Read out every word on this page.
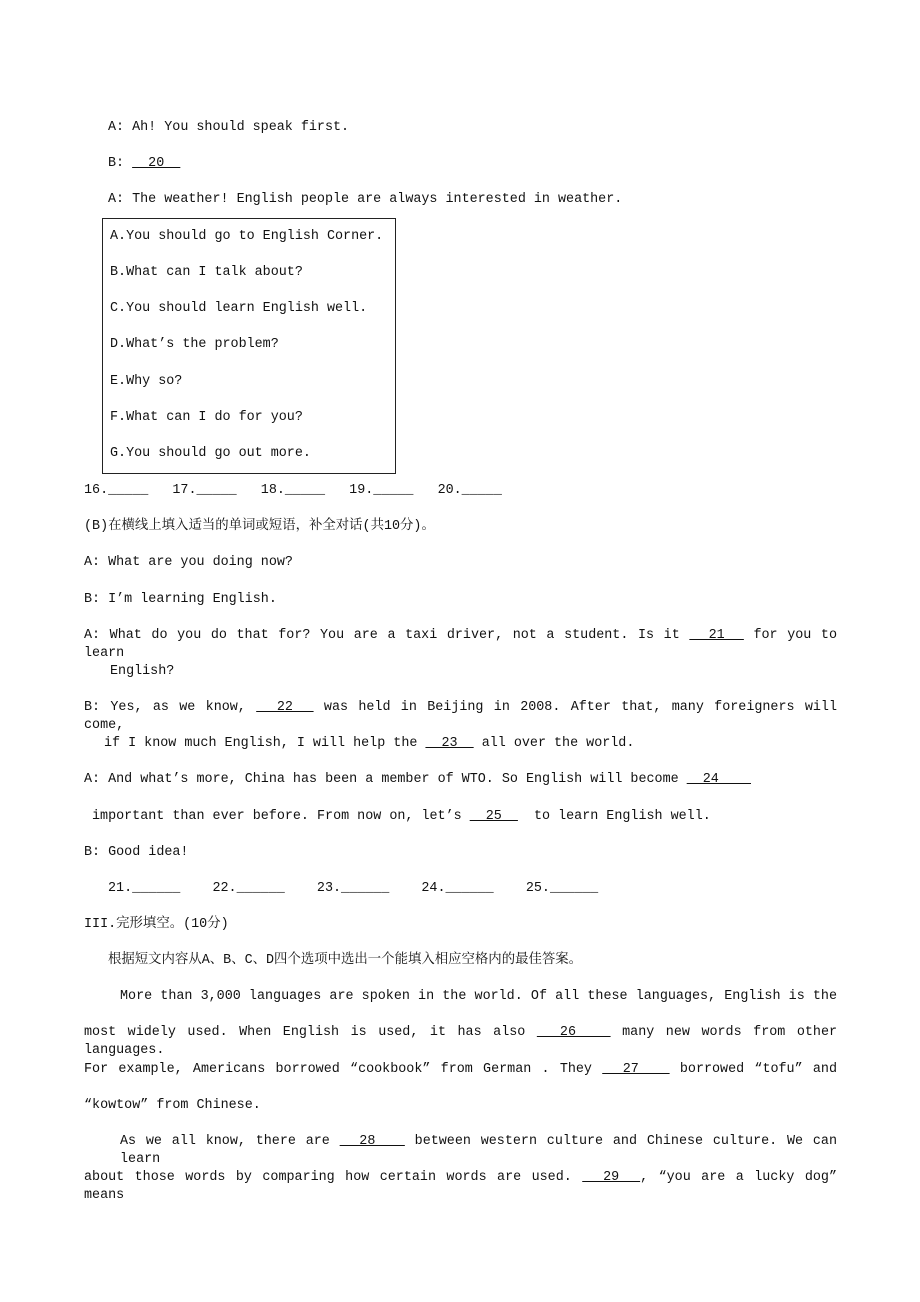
A: Ah! You should speak first.
B:   20
A: The weather! English people are always interested in weather.
A.You should go to English Corner.
B.What can I talk about?
C.You should learn English well.
D.What’s the problem?
E.Why so?
F.What can I do for you?
G.You should go out more.
16._____   17._____   18._____   19._____   20._____
(B)在横线上填入适当的单词或短语，补全对话(共10分)。
A: What are you doing now?
B: I’m learning English.
A: What do you do that for? You are a taxi driver, not a student. Is it   21   for you to learn
English?
B: Yes, as we know,   22   was held in Beijing in 2008. After that, many foreigners will come,
if I know much English, I will help the   23   all over the world.
A: And what’s more, China has been a member of WTO. So English will become   24
important than ever before. From now on, let’s   25    to learn English well.
B: Good idea!
21.______    22.______    23.______    24.______    25.______
III.完形填空。(10分)
根据短文内容从A、B、C、D四个选项中选出一个能填入相应空格内的最佳答案。
More than 3,000 languages are spoken in the world. Of all these languages, English is the
most widely used. When English is used, it has also   26    many new words from other languages.
For example, Americans borrowed “cookbook” from German . They   27    borrowed “tofu” and
“kowtow” from Chinese.
As we all know, there are   28    between western culture and Chinese culture. We can learn
about those words by comparing how certain words are used.   29  , “you are a lucky dog” means
